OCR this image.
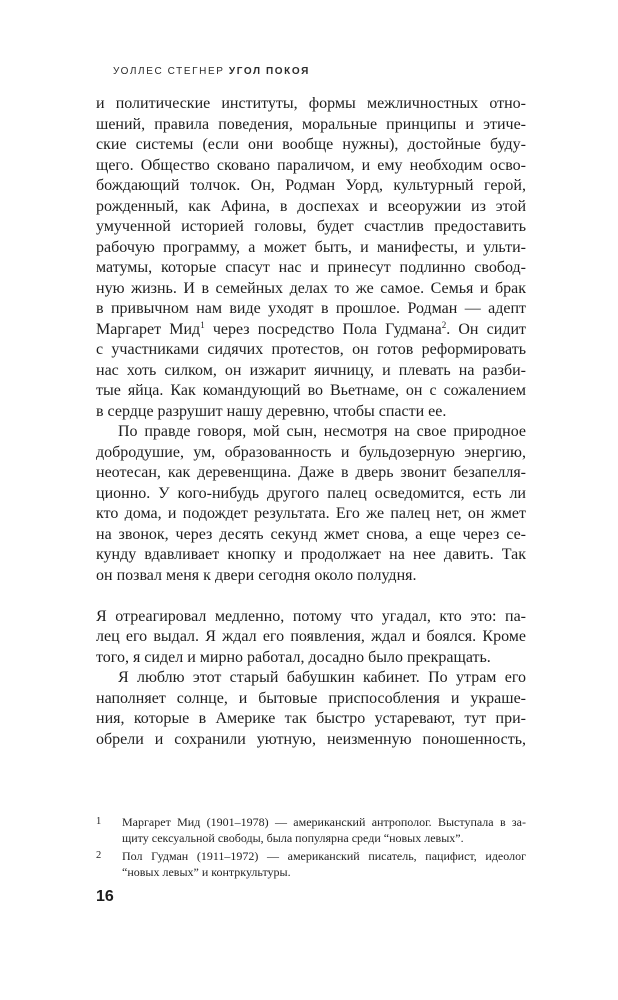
УОЛЛЕС СТЕГНЕР УГОЛ ПОКОЯ
и политические институты, формы межличностных отно-
шений, правила поведения, моральные принципы и этиче-
ские системы (если они вообще нужны), достойные буду-
щего. Общество сковано параличом, и ему необходим осво-
бождающий толчок. Он, Родман Уорд, культурный герой,
рожденный, как Афина, в доспехах и всеоружии из этой
умученной историей головы, будет счастлив предоставить
рабочую программу, а может быть, и манифесты, и ульти-
матумы, которые спасут нас и принесут подлинно свобод-
ную жизнь. И в семейных делах то же самое. Семья и брак
в привычном нам виде уходят в прошлое. Родман — адепт
Маргарет Мид$^1$ через посредство Пола Гудмана$^2$. Он сидит
с участниками сидячих протестов, он готов реформировать
нас хоть силком, он изжарит яичницу, и плевать на разби-
тые яйца. Как командующий во Вьетнаме, он с сожалением
в сердце разрушит нашу деревню, чтобы спасти ее.
По правде говоря, мой сын, несмотря на свое природное
добродушие, ум, образованность и бульдозерную энергию,
неотесан, как деревенщина. Даже в дверь звонит безапелля-
ционно. У кого-нибудь другого палец осведомится, есть ли
кто дома, и подождет результата. Его же палец нет, он жмет
на звонок, через десять секунд жмет снова, а еще через се-
кунду вдавливает кнопку и продолжает на нее давить. Так
он позвал меня к двери сегодня около полудня.
Я отреагировал медленно, потому что угадал, кто это: па-
лец его выдал. Я ждал его появления, ждал и боялся. Кроме
того, я сидел и мирно работал, досадно было прекращать.
Я люблю этот старый бабушкин кабинет. По утрам его
наполняет солнце, и бытовые приспособления и украше-
ния, которые в Америке так быстро устаревают, тут при-
обрели и сохранили уютную, неизменную поношенность,
1	Маргарет Мид (1901–1978) — американский антрополог. Выступала в за-
щиту сексуальной свободы, была популярна среди “новых левых”.
2	Пол Гудман (1911–1972) — американский писатель, пацифист, идеолог
“новых левых” и контркультуры.
16
